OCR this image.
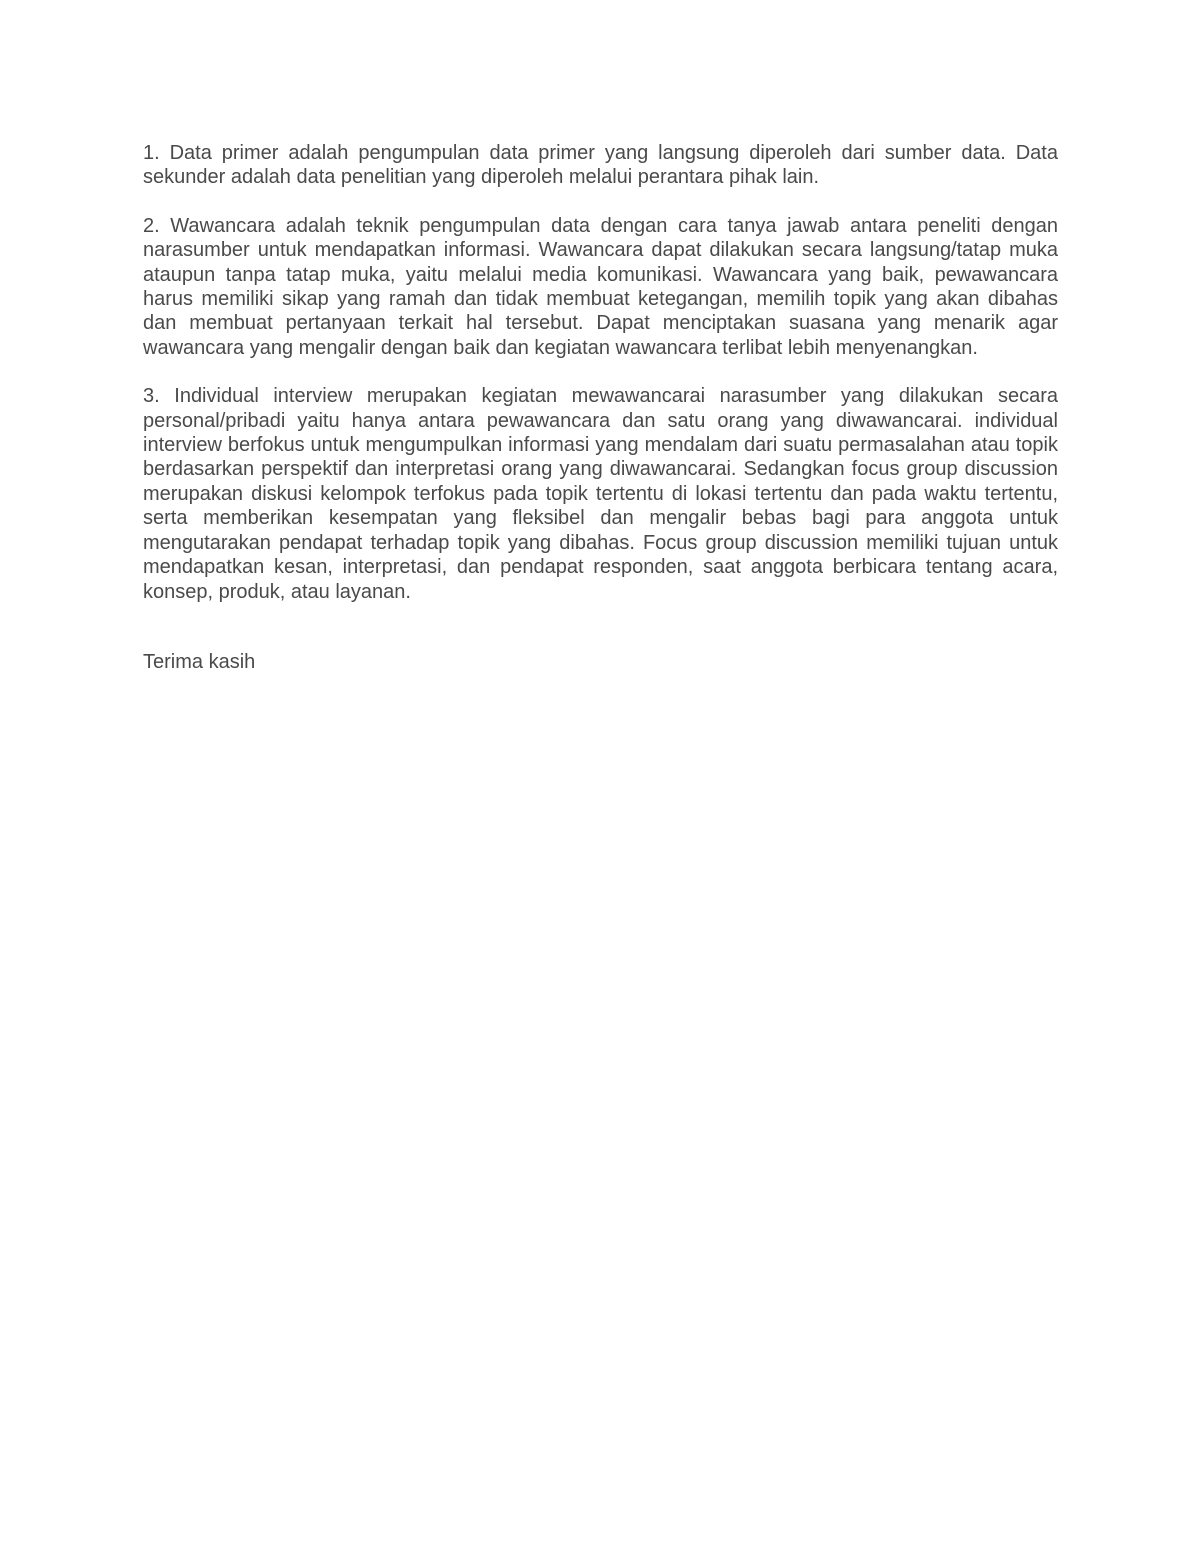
1. Data primer adalah pengumpulan data primer yang langsung diperoleh dari sumber data. Data sekunder adalah data penelitian yang diperoleh melalui perantara pihak lain.

2. Wawancara adalah teknik pengumpulan data dengan cara tanya jawab antara peneliti dengan narasumber untuk mendapatkan informasi. Wawancara dapat dilakukan secara langsung/tatap muka ataupun tanpa tatap muka, yaitu melalui media komunikasi. Wawancara yang baik, pewawancara harus memiliki sikap yang ramah dan tidak membuat ketegangan, memilih topik yang akan dibahas dan membuat pertanyaan terkait hal tersebut. Dapat menciptakan suasana yang menarik agar wawancara yang mengalir dengan baik dan kegiatan wawancara terlibat lebih menyenangkan.

3. Individual interview merupakan kegiatan mewawancarai narasumber yang dilakukan secara personal/pribadi yaitu hanya antara pewawancara dan satu orang yang diwawancarai. individual interview berfokus untuk mengumpulkan informasi yang mendalam dari suatu permasalahan atau topik berdasarkan perspektif dan interpretasi orang yang diwawancarai. Sedangkan focus group discussion merupakan diskusi kelompok terfokus pada topik tertentu di lokasi tertentu dan pada waktu tertentu, serta memberikan kesempatan yang fleksibel dan mengalir bebas bagi para anggota untuk mengutarakan pendapat terhadap topik yang dibahas. Focus group discussion memiliki tujuan untuk mendapatkan kesan, interpretasi, dan pendapat responden, saat anggota berbicara tentang acara, konsep, produk, atau layanan.

Terima kasih
